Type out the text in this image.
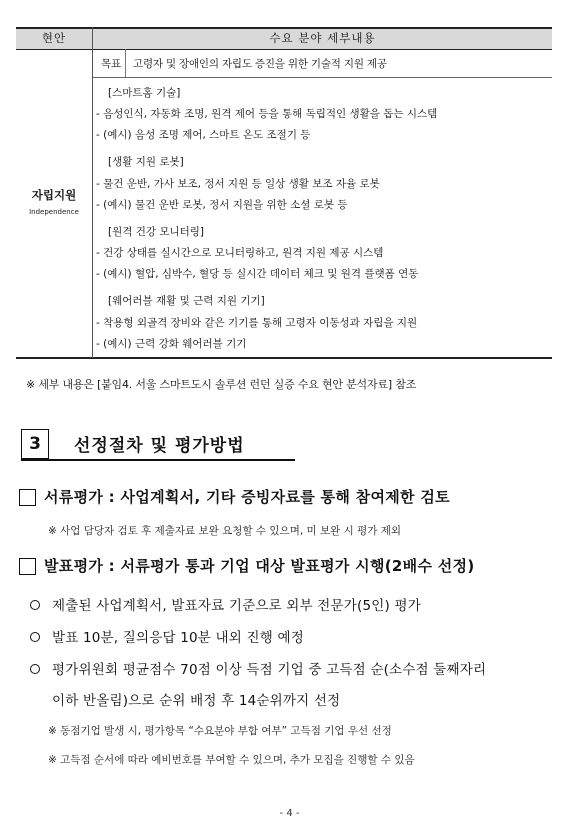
현안	수요 분야 세부내용
자립지원
Independence
목표 고령자 및 장애인의 자립도 증진을 위한 기술적 지원 제공
[스마트홈 기술]
- 음성인식, 자동화 조명, 원격 제어 등을 통해 독립적인 생활을 돕는 시스템
- (예시) 음성 조명 제어, 스마트 온도 조절기 등
[생활 지원 로봇]
- 물건 운반, 가사 보조, 정서 지원 등 일상 생활 보조 자율 로봇
- (예시) 물건 운반 로봇, 정서 지원을 위한 소셜 로봇 등
[원격 건강 모니터링]
- 건강 상태를 실시간으로 모니터링하고, 원격 지원 제공 시스템
- (예시) 혈압, 심박수, 혈당 등 실시간 데이터 체크 및 원격 플랫폼 연동
[웨어러블 재활 및 근력 지원 기기]
- 착용형 외골격 장비와 같은 기기를 통해 고령자 이동성과 자립을 지원
- (예시) 근력 강화 웨어러블 기기
※ 세부 내용은 [붙임4. 서울 스마트도시 솔루션 런던 실증 수요 현안 분석자료] 참조
3	선정절차 및 평가방법
서류평가 : 사업계획서, 기타 증빙자료를 통해 참여제한 검토
※ 사업 담당자 검토 후 제출자료 보완 요청할 수 있으며, 미 보완 시 평가 제외
발표평가 : 서류평가 통과 기업 대상 발표평가 시행(2배수 선정)
제출된 사업계획서, 발표자료 기준으로 외부 전문가(5인) 평가
발표 10분, 질의응답 10분 내외 진행 예정
평가위원회 평균점수 70점 이상 득점 기업 중 고득점 순(소수점 둘째자리
이하 반올림)으로 순위 배정 후 14순위까지 선정
※ 동점기업 발생 시, 평가항목 “수요분야 부합 여부” 고득점 기업 우선 선정
※ 고득점 순서에 따라 예비번호를 부여할 수 있으며, 추가 모집을 진행할 수 있음
- 4 -
